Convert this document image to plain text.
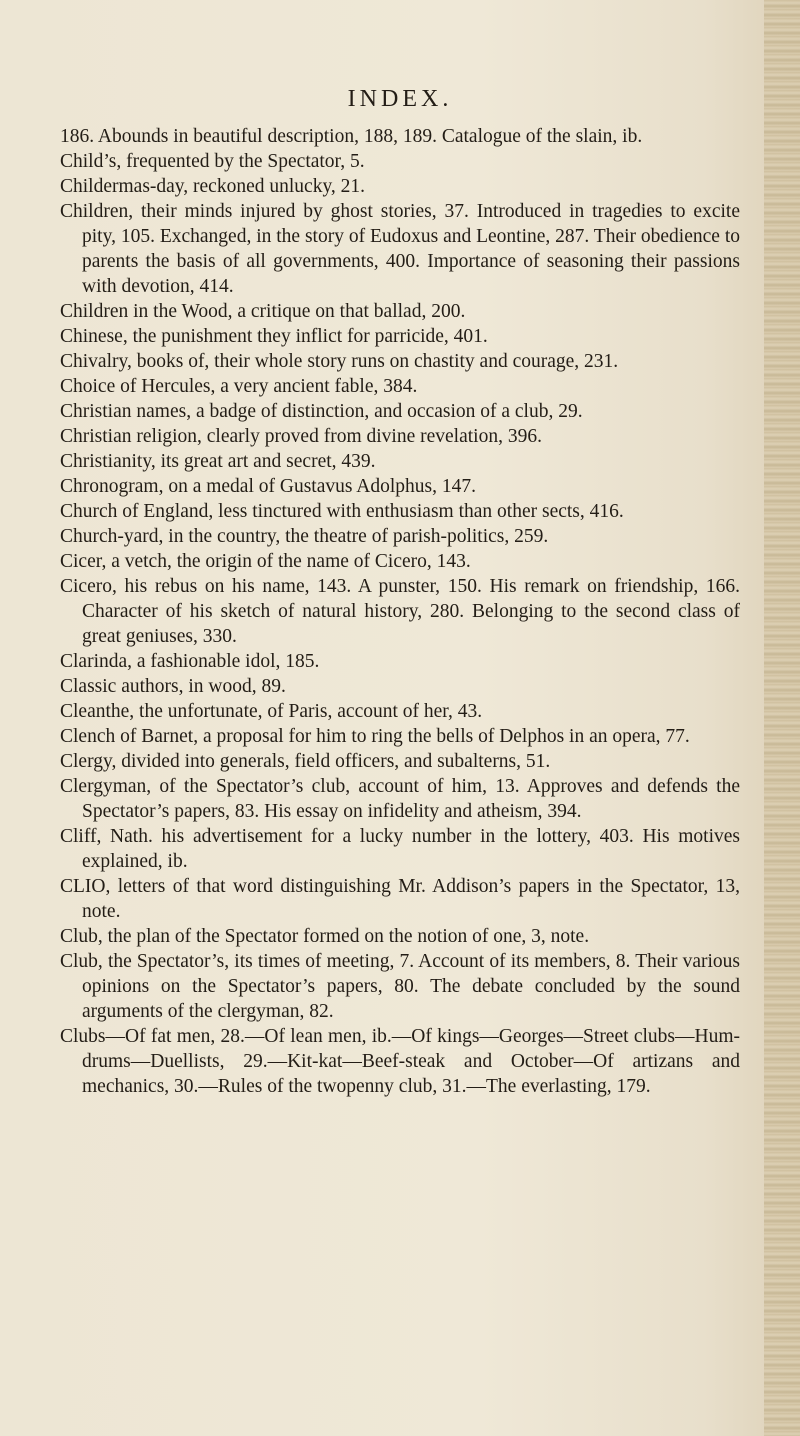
INDEX.

186. Abounds in beautiful description, 188, 189. Catalogue of the slain, ib.

Child’s, frequented by the Spectator, 5.

Childermas-day, reckoned unlucky, 21.

Children, their minds injured by ghost stories, 37. Introduced in tragedies to excite pity, 105. Exchanged, in the story of Eudoxus and Leontine, 287. Their obedience to parents the basis of all governments, 400. Importance of seasoning their passions with devotion, 414.

Children in the Wood, a critique on that ballad, 200.

Chinese, the punishment they inflict for parricide, 401.

Chivalry, books of, their whole story runs on chastity and courage, 231.

Choice of Hercules, a very ancient fable, 384.

Christian names, a badge of distinction, and occasion of a club, 29.

Christian religion, clearly proved from divine revelation, 396.

Christianity, its great art and secret, 439.

Chronogram, on a medal of Gustavus Adolphus, 147.

Church of England, less tinctured with enthusiasm than other sects, 416.

Church-yard, in the country, the theatre of parish-politics, 259.

Cicer, a vetch, the origin of the name of Cicero, 143.

Cicero, his rebus on his name, 143. A punster, 150. His remark on friendship, 166. Character of his sketch of natural history, 280. Belonging to the second class of great geniuses, 330.

Clarinda, a fashionable idol, 185.

Classic authors, in wood, 89.

Cleanthe, the unfortunate, of Paris, account of her, 43.

Clench of Barnet, a proposal for him to ring the bells of Delphos in an opera, 77.

Clergy, divided into generals, field officers, and subalterns, 51.

Clergyman, of the Spectator’s club, account of him, 13. Approves and defends the Spectator’s papers, 83. His essay on infidelity and atheism, 394.

Cliff, Nath. his advertisement for a lucky number in the lottery, 403. His motives explained, ib.

CLIO, letters of that word distinguishing Mr. Addison’s papers in the Spectator, 13, note.

Club, the plan of the Spectator formed on the notion of one, 3, note.

Club, the Spectator’s, its times of meeting, 7. Account of its members, 8. Their various opinions on the Spectator’s papers, 80. The debate concluded by the sound arguments of the clergyman, 82.

Clubs—Of fat men, 28.—Of lean men, ib.—Of kings—Georges—Street clubs—Hum-drums—Duellists, 29.—Kit-kat—Beef-steak and October—Of artizans and mechanics, 30.—Rules of the twopenny club, 31.—The everlasting, 179.
